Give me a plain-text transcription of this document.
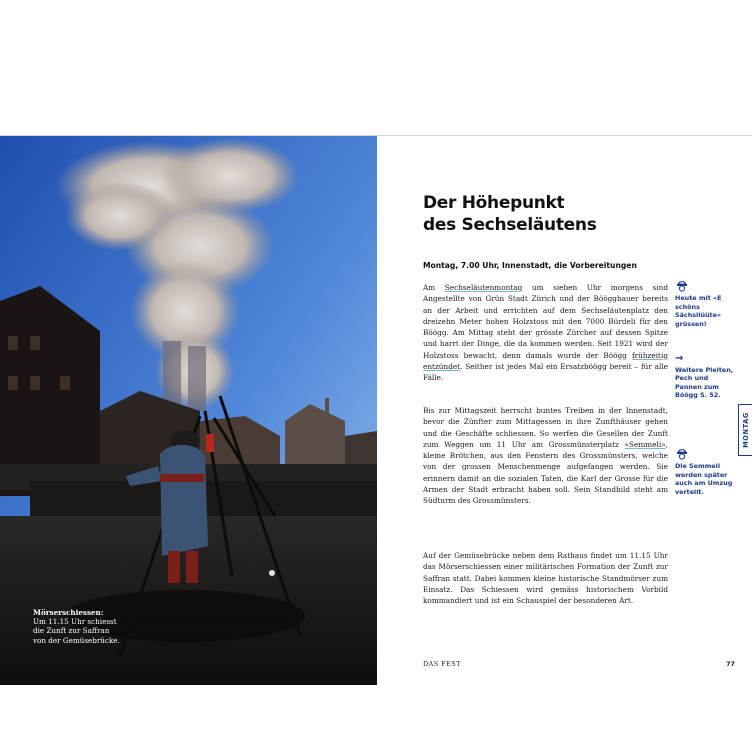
Mörserschiessen:
Um 11.15 Uhr schiesst die Zunft zur Saffran von der Gemüsebrücke.
Der Höhepunkt
des Sechseläutens
Montag, 7.00 Uhr, Innenstadt, die Vorbereitungen
Am Sechseläutenmontag um sieben Uhr morgens sind Angestellte von Grün Stadt Zürich und der Bööggbauer bereits an der Arbeit und errichten auf dem Sechseläutenplatz den dreizehn Meter hohen Holzstoss mit den 7000 Bürdeli für den Böögg. Am Mittag steht der grösste Zürcher auf dessen Spitze und harrt der Dinge, die da kommen werden. Seit 1921 wird der Holzstoss bewacht, denn damals wurde der Böögg frühzeitig entzündet. Seither ist jedes Mal ein Ersatzböögg bereit – für alle Fälle.
Bis zur Mittagszeit herrscht buntes Treiben in der Innenstadt, bevor die Zünfter zum Mittagessen in ihre Zunfthäuser gehen und die Geschäfte schliessen. So werfen die Gesellen der Zunft zum Weggen um 11 Uhr am Grossmünsterplatz «Semmeli», kleine Brötchen, aus den Fenstern des Grossmünsters, welche von der grossen Menschenmenge aufgefangen werden. Sie erinnern damit an die sozialen Taten, die Karl der Grosse für die Armen der Stadt erbracht haben soll. Sein Standbild steht am Südturm des Grossmünsters.
Auf der Gemüsebrücke neben dem Rathaus findet um 11.15 Uhr das Mörserschiessen einer militärischen Formation der Zunft zur Saffran statt. Dabei kommen kleine historische Standmörser zum Einsatz. Das Schiessen wird gemäss historischem Vorbild kommandiert und ist ein Schauspiel der besonderen Art.
Heute mit «E schöns Sächsilüüte» grüssen!
→
Weitere Pleiten, Pech und Pannen zum Böögg S. 52.
Die Semmeli werden später auch am Umzug verteilt.
MONTAG
DAS FEST	77
